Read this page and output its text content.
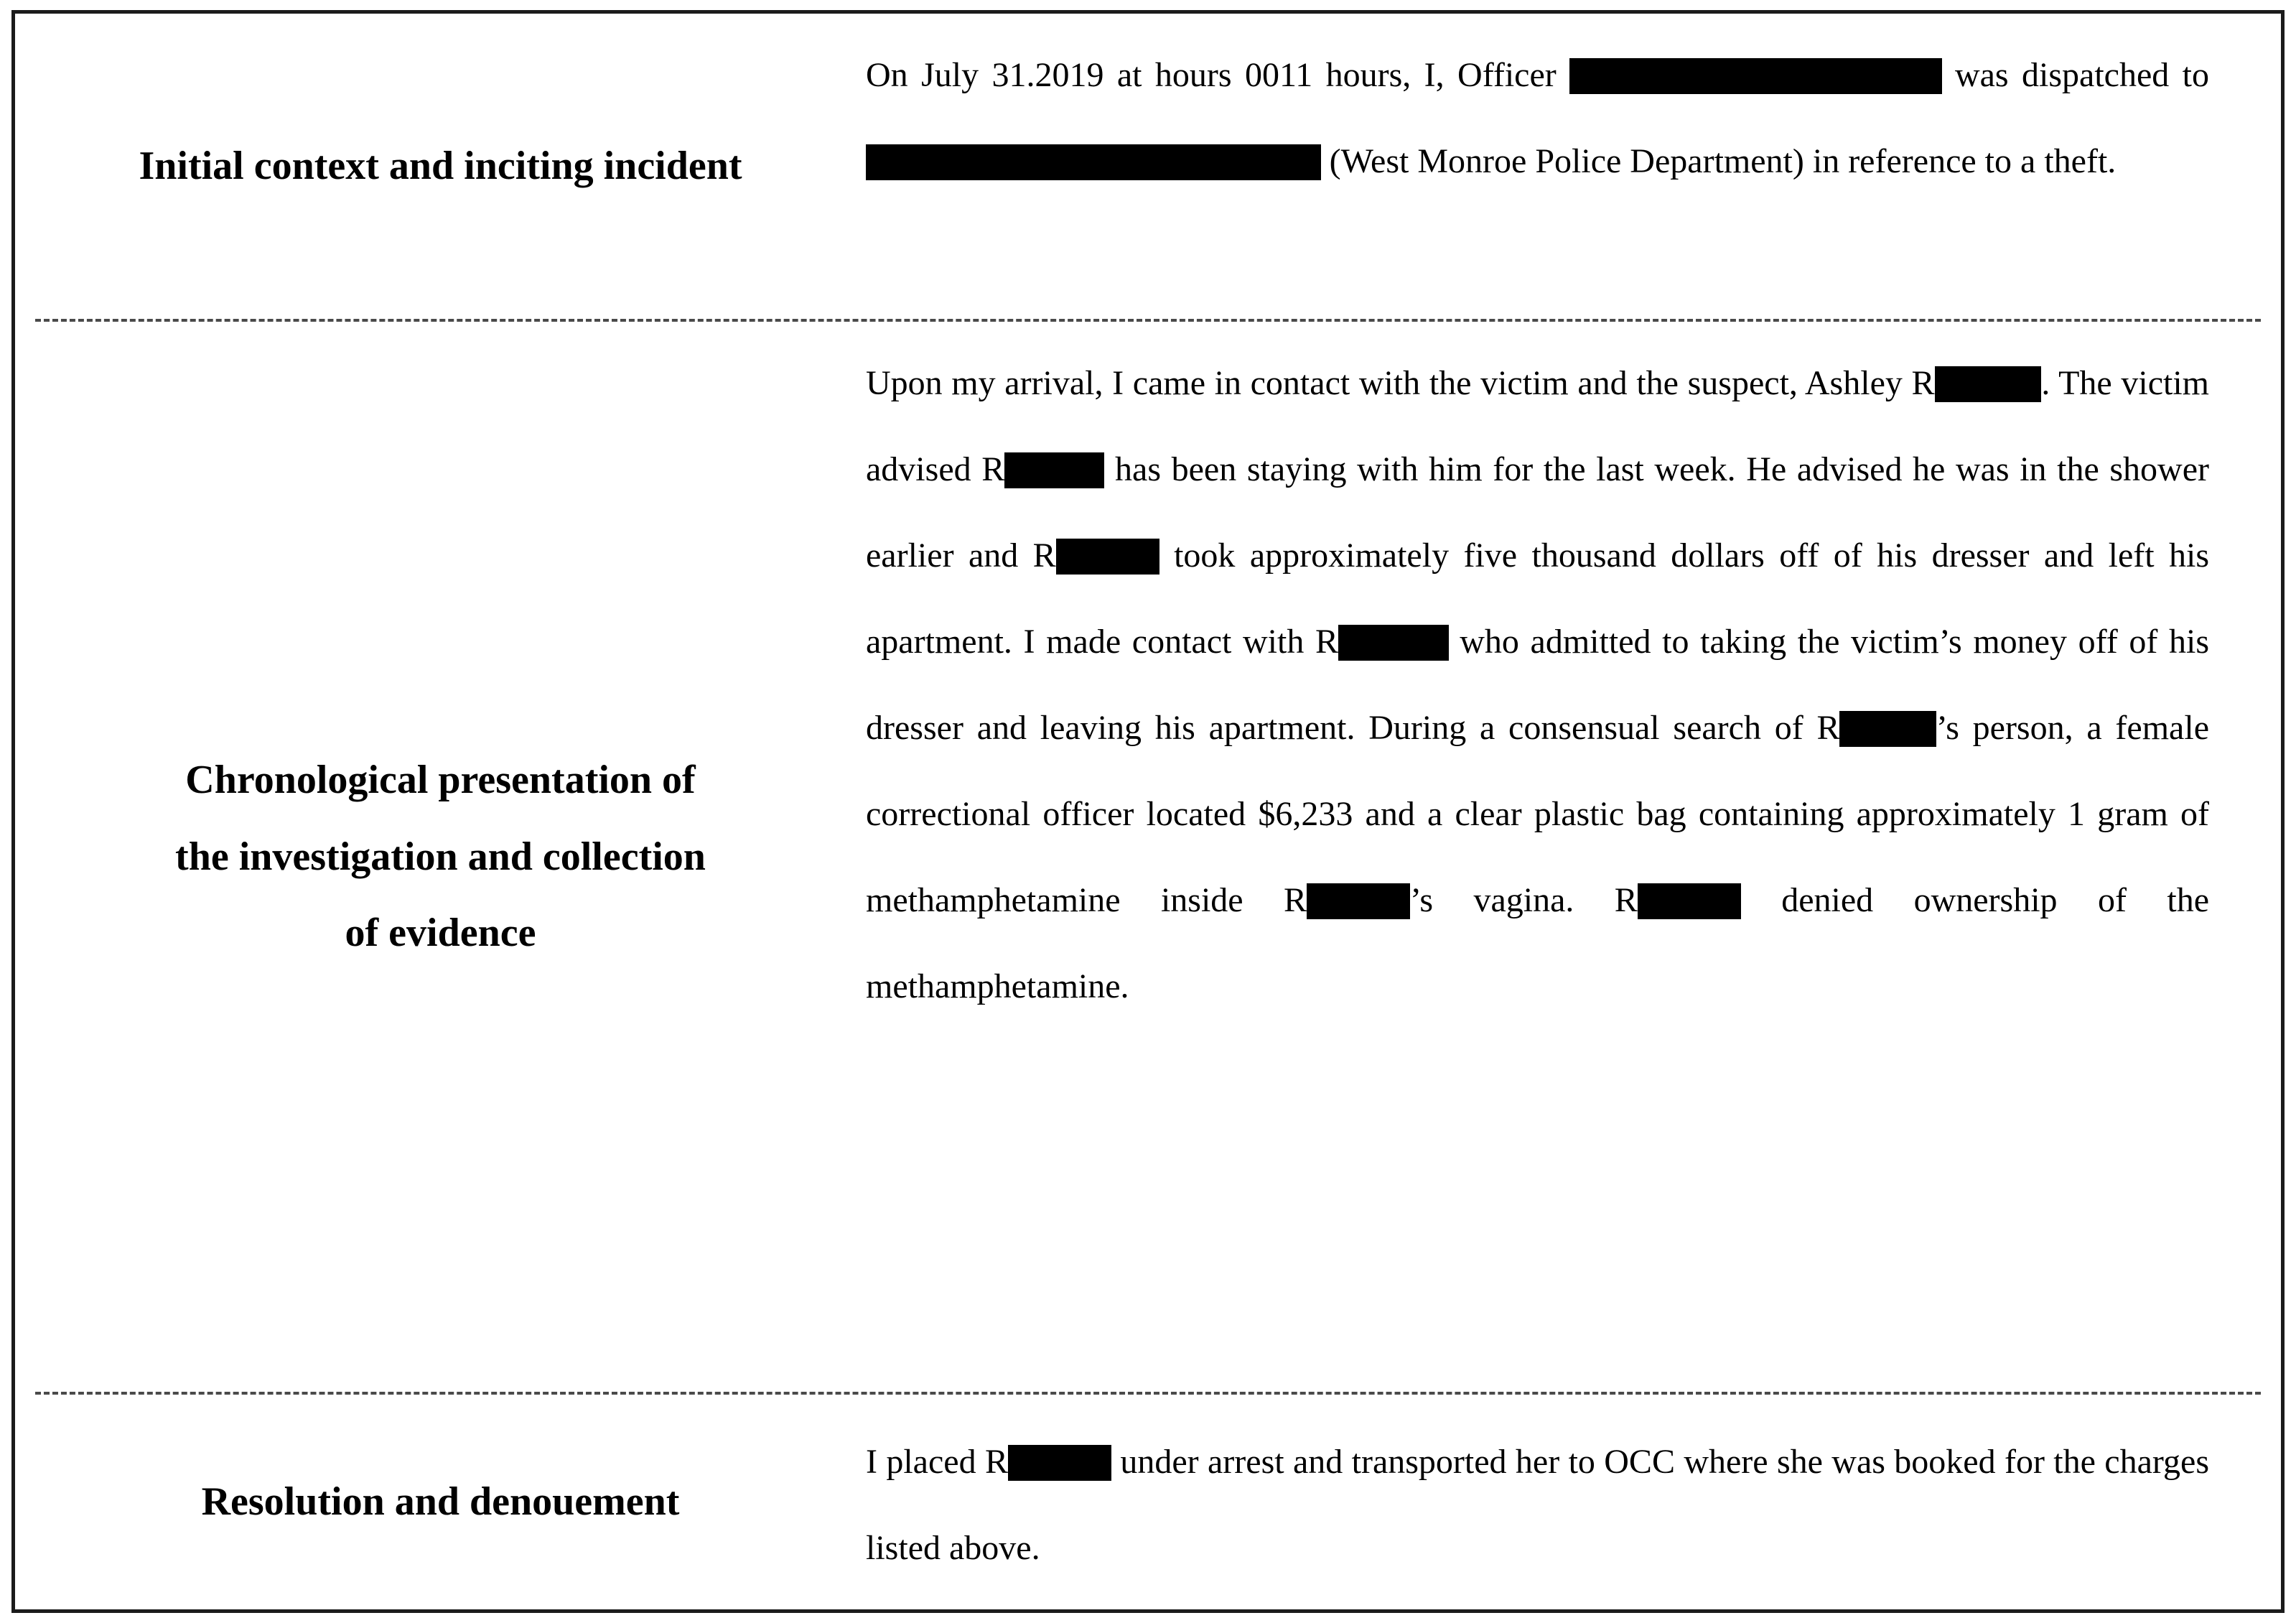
Initial context and inciting incident

On July 31.2019 at hours 0011 hours, I, Officer	was dispatched to  (West Monroe Police Department) in reference to a theft.

Chronological presentation of the investigation and collection of evidence

Upon my arrival, I came in contact with the victim and the suspect, Ashley R	. The victim advised R	has been staying with him for the last week. He advised he was in the shower earlier and R	took approximately five thousand dollars off of his dresser and left his apartment. I made contact with R	who admitted to taking the victim’s money off of his dresser and leaving his apartment. During a consensual search of R	’s person, a female correctional officer located $6,233 and a clear plastic bag containing approximately 1 gram of methamphetamine inside R	’s vagina. R	denied ownership of the methamphetamine.

Resolution and denouement

I placed R	under arrest and transported her to OCC where she was booked for the charges listed above.
